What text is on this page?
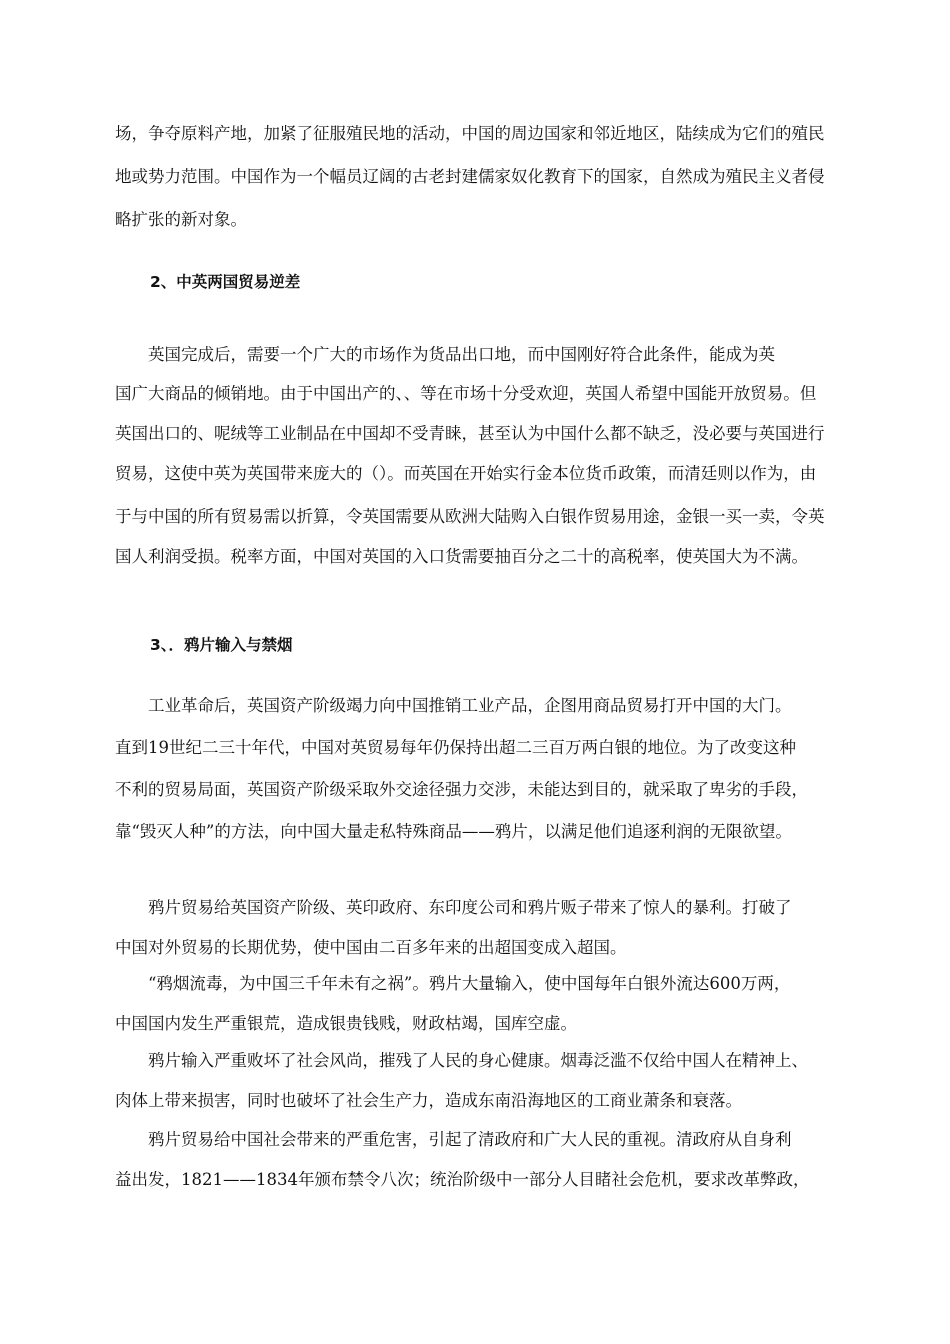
场，争夺原料产地，加紧了征服殖民地的活动，中国的周边国家和邻近地区，陆续成为它们的殖民
地或势力范围。中国作为一个幅员辽阔的古老封建儒家奴化教育下的国家，自然成为殖民主义者侵
略扩张的新对象。
2、中英两国贸易逆差
　　英国完成后，需要一个广大的市场作为货品出口地，而中国刚好符合此条件，能成为英
国广大商品的倾销地。由于中国出产的、、等在市场十分受欢迎，英国人希望中国能开放贸易。但
英国出口的、呢绒等工业制品在中国却不受青睐，甚至认为中国什么都不缺乏，没必要与英国进行
贸易，这使中英为英国带来庞大的（）。而英国在开始实行金本位货币政策，而清廷则以作为，由
于与中国的所有贸易需以折算，令英国需要从欧洲大陆购入白银作贸易用途，金银一买一卖，令英
国人利润受损。税率方面，中国对英国的入口货需要抽百分之二十的高税率，使英国大为不满。
3、．鸦片输入与禁烟
　　工业革命后，英国资产阶级竭力向中国推销工业产品，企图用商品贸易打开中国的大门。
直到19世纪二三十年代，中国对英贸易每年仍保持出超二三百万两白银的地位。为了改变这种
不利的贸易局面，英国资产阶级采取外交途径强力交涉，未能达到目的，就采取了卑劣的手段，
靠“毁灭人种”的方法，向中国大量走私特殊商品——鸦片，以满足他们追逐利润的无限欲望。
　　鸦片贸易给英国资产阶级、英印政府、东印度公司和鸦片贩子带来了惊人的暴利。打破了
中国对外贸易的长期优势，使中国由二百多年来的出超国变成入超国。
　　“鸦烟流毒，为中国三千年未有之祸”。鸦片大量输入，使中国每年白银外流达600万两，
中国国内发生严重银荒，造成银贵钱贱，财政枯竭，国库空虚。
　　鸦片输入严重败坏了社会风尚，摧残了人民的身心健康。烟毒泛滥不仅给中国人在精神上、
肉体上带来损害，同时也破坏了社会生产力，造成东南沿海地区的工商业萧条和衰落。
　　鸦片贸易给中国社会带来的严重危害，引起了清政府和广大人民的重视。清政府从自身利
益出发，1821——1834年颁布禁令八次；统治阶级中一部分人目睹社会危机，要求改革弊政，
